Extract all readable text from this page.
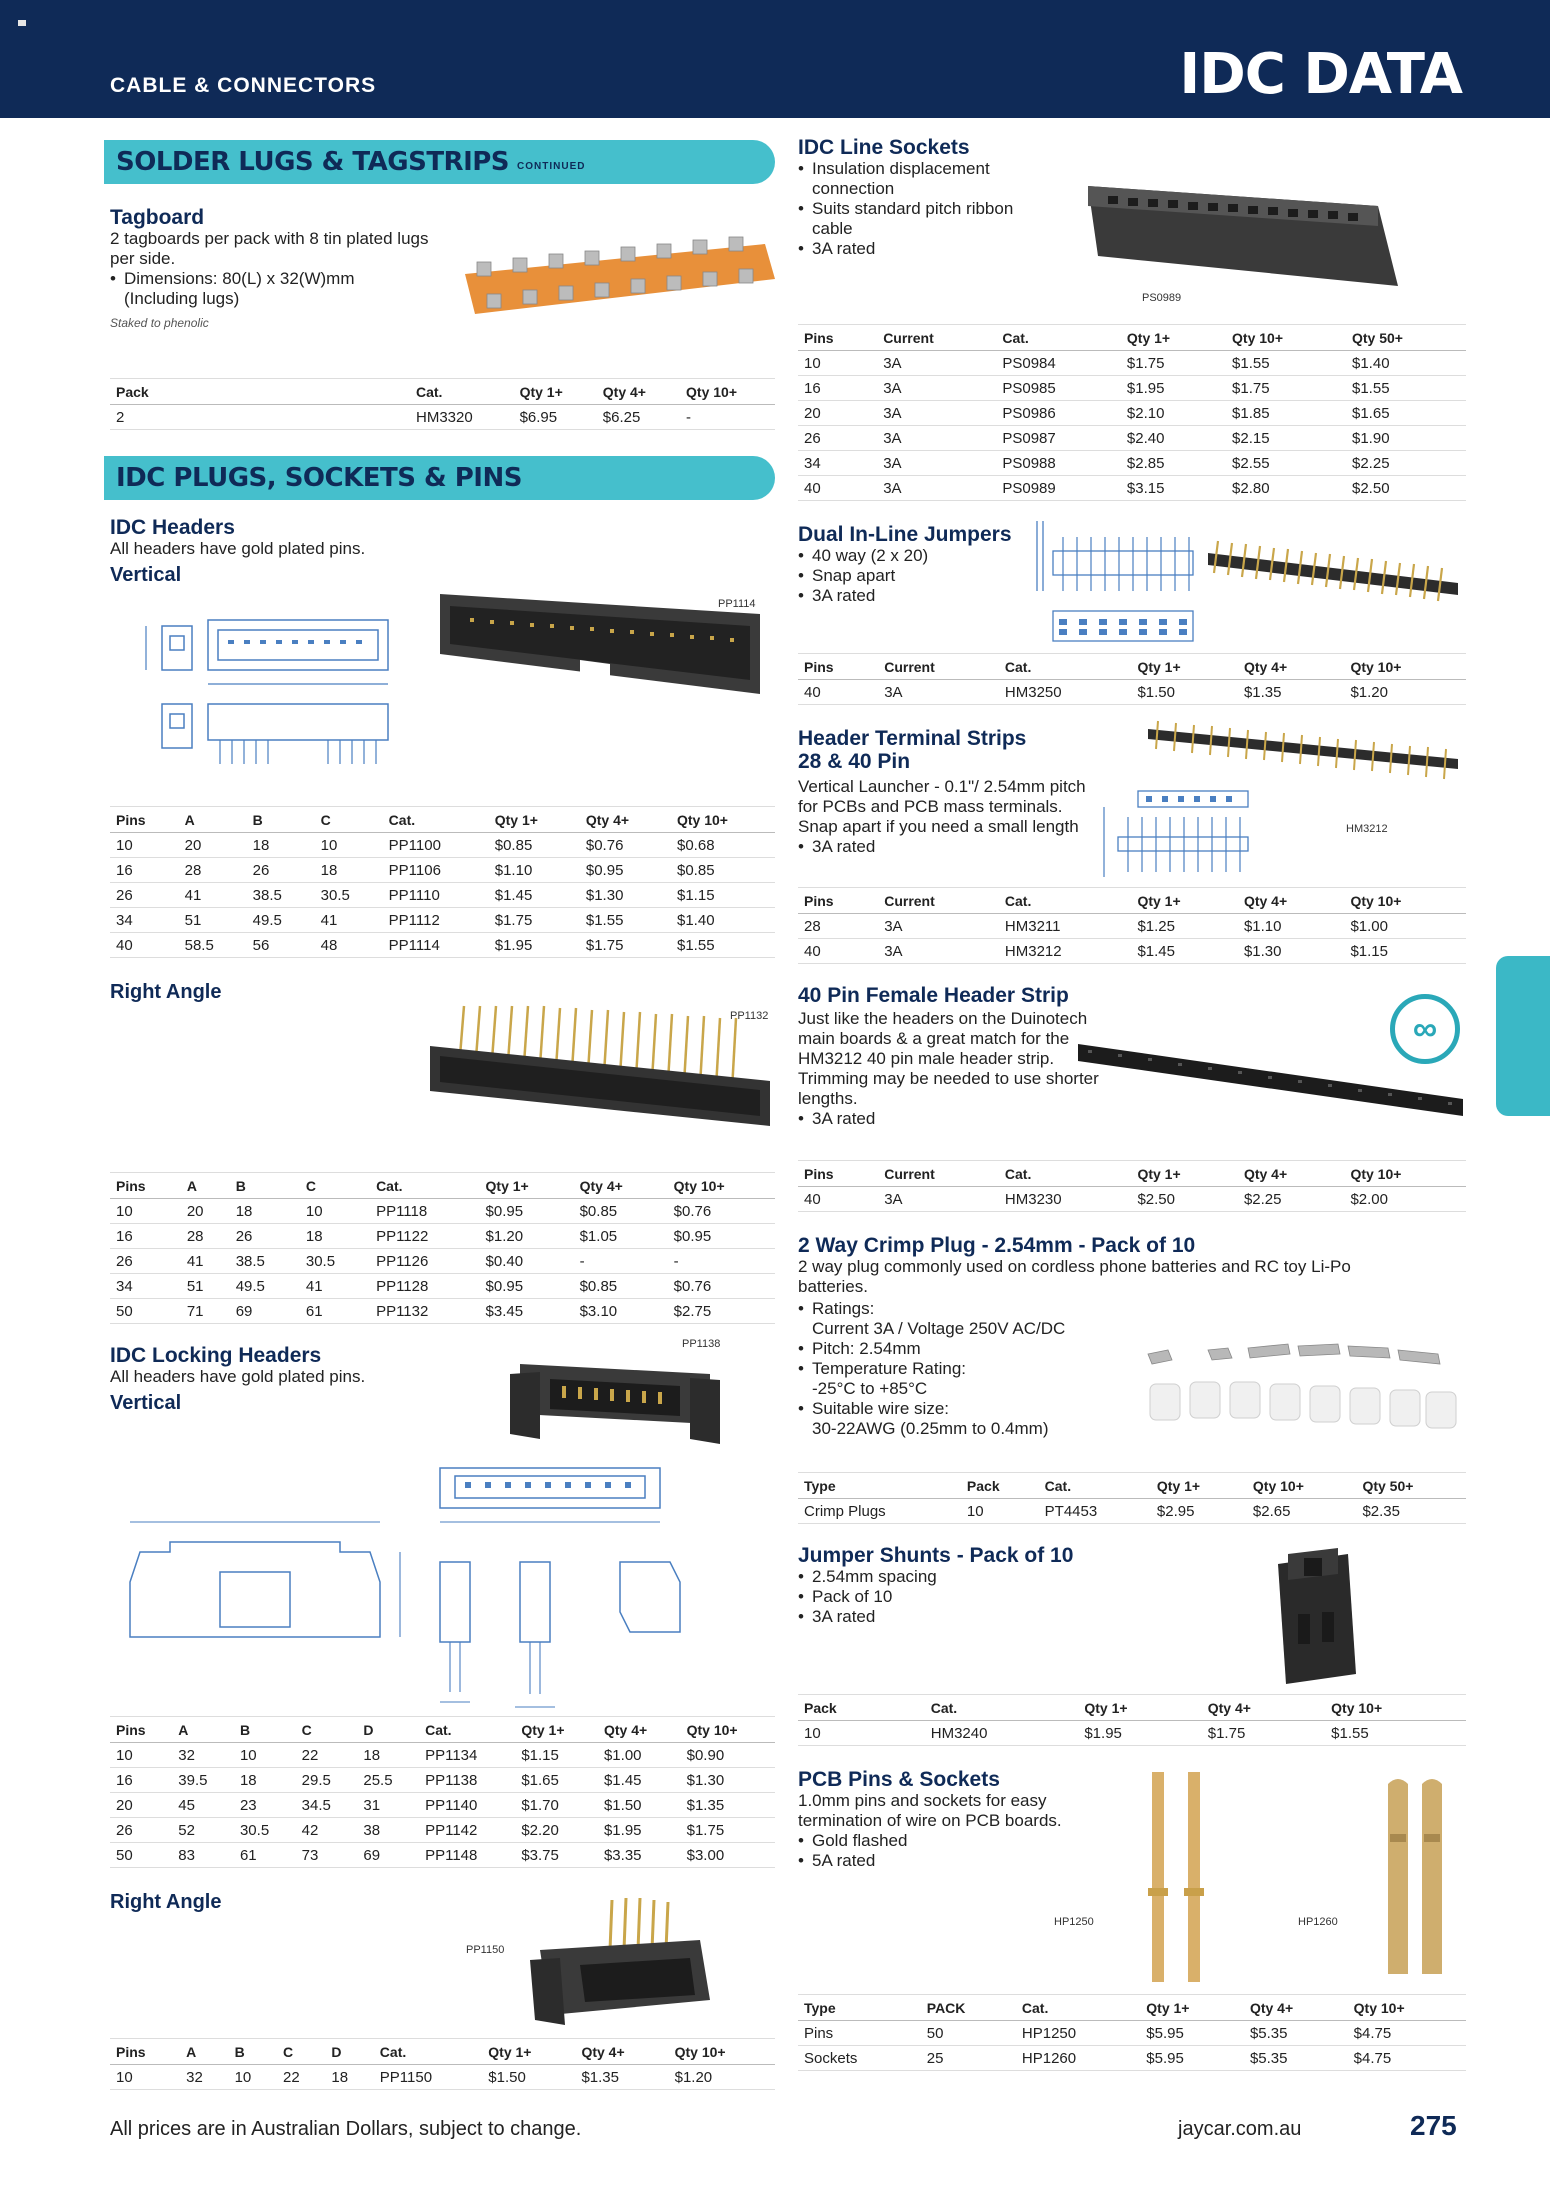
CABLE & CONNECTORS	IDC DATA
SOLDER LUGS & TAGSTRIPS CONTINUED
Tagboard
2 tagboards per pack with 8 tin plated lugs per side.
• Dimensions: 80(L) x 32(W)mm
(Including lugs)
Staked to phenolic
Pack			Cat.	Qty 1+	Qty 4+	Qty 10+
2			HM3320	$6.95	$6.25	-
IDC PLUGS, SOCKETS & PINS
IDC Headers
All headers have gold plated pins.
Vertical
PP1114
Pins	A	B	C	Cat.	Qty 1+	Qty 4+	Qty 10+
10	20	18	10	PP1100	$0.85	$0.76	$0.68
16	28	26	18	PP1106	$1.10	$0.95	$0.85
26	41	38.5	30.5	PP1110	$1.45	$1.30	$1.15
34	51	49.5	41	PP1112	$1.75	$1.55	$1.40
40	58.5	56	48	PP1114	$1.95	$1.75	$1.55
Right Angle
PP1132
Pins	A	B	C	Cat.	Qty 1+	Qty 4+	Qty 10+
10	20	18	10	PP1118	$0.95	$0.85	$0.76
16	28	26	18	PP1122	$1.20	$1.05	$0.95
26	41	38.5	30.5	PP1126	$0.40	-	-
34	51	49.5	41	PP1128	$0.95	$0.85	$0.76
50	71	69	61	PP1132	$3.45	$3.10	$2.75
IDC Locking Headers
All headers have gold plated pins.
Vertical
PP1138
Pins	A	B	C	D	Cat.	Qty 1+	Qty 4+	Qty 10+
10	32	10	22	18	PP1134	$1.15	$1.00	$0.90
16	39.5	18	29.5	25.5	PP1138	$1.65	$1.45	$1.30
20	45	23	34.5	31	PP1140	$1.70	$1.50	$1.35
26	52	30.5	42	38	PP1142	$2.20	$1.95	$1.75
50	83	61	73	69	PP1148	$3.75	$3.35	$3.00
Right Angle
PP1150
Pins	A	B	C	D	Cat.	Qty 1+	Qty 4+	Qty 10+
10	32	10	22	18	PP1150	$1.50	$1.35	$1.20
IDC Line Sockets
• Insulation displacement connection
• Suits standard pitch ribbon cable
• 3A rated
PS0989
Pins	Current	Cat.	Qty 1+	Qty 10+	Qty 50+
10	3A	PS0984	$1.75	$1.55	$1.40
16	3A	PS0985	$1.95	$1.75	$1.55
20	3A	PS0986	$2.10	$1.85	$1.65
26	3A	PS0987	$2.40	$2.15	$1.90
34	3A	PS0988	$2.85	$2.55	$2.25
40	3A	PS0989	$3.15	$2.80	$2.50
Dual In-Line Jumpers
• 40 way (2 x 20)
• Snap apart
• 3A rated
Pins	Current	Cat.	Qty 1+	Qty 4+	Qty 10+
40	3A	HM3250	$1.50	$1.35	$1.20
Header Terminal Strips
28 & 40 Pin
Vertical Launcher - 0.1"/ 2.54mm pitch for PCBs and PCB mass terminals. Snap apart if you need a small length
• 3A rated
HM3212
Pins	Current	Cat.	Qty 1+	Qty 4+	Qty 10+
28	3A	HM3211	$1.25	$1.10	$1.00
40	3A	HM3212	$1.45	$1.30	$1.15
40 Pin Female Header Strip
Just like the headers on the Duinotech main boards & a great match for the HM3212 40 pin male header strip. Trimming may be needed to use shorter lengths.
• 3A rated
∞
Pins	Current	Cat.	Qty 1+	Qty 4+	Qty 10+
40	3A	HM3230	$2.50	$2.25	$2.00
2 Way Crimp Plug - 2.54mm - Pack of 10
2 way plug commonly used on cordless phone batteries and RC toy Li-Po batteries.
• Ratings:
Current 3A / Voltage 250V AC/DC
• Pitch: 2.54mm
• Temperature Rating:
-25°C to +85°C
• Suitable wire size:
30-22AWG (0.25mm to 0.4mm)
Type	Pack	Cat.	Qty 1+	Qty 10+	Qty 50+
Crimp Plugs	10	PT4453	$2.95	$2.65	$2.35
Jumper Shunts - Pack of 10
• 2.54mm spacing
• Pack of 10
• 3A rated
Pack		Cat.	Qty 1+	Qty 4+	Qty 10+
10		HM3240	$1.95	$1.75	$1.55
PCB Pins & Sockets
1.0mm pins and sockets for easy termination of wire on PCB boards.
• Gold flashed
• 5A rated
HP1250	HP1260
Type	PACK	Cat.	Qty 1+	Qty 4+	Qty 10+
Pins	50	HP1250	$5.95	$5.35	$4.75
Sockets	25	HP1260	$5.95	$5.35	$4.75
All prices are in Australian Dollars, subject to change.	jaycar.com.au	275
